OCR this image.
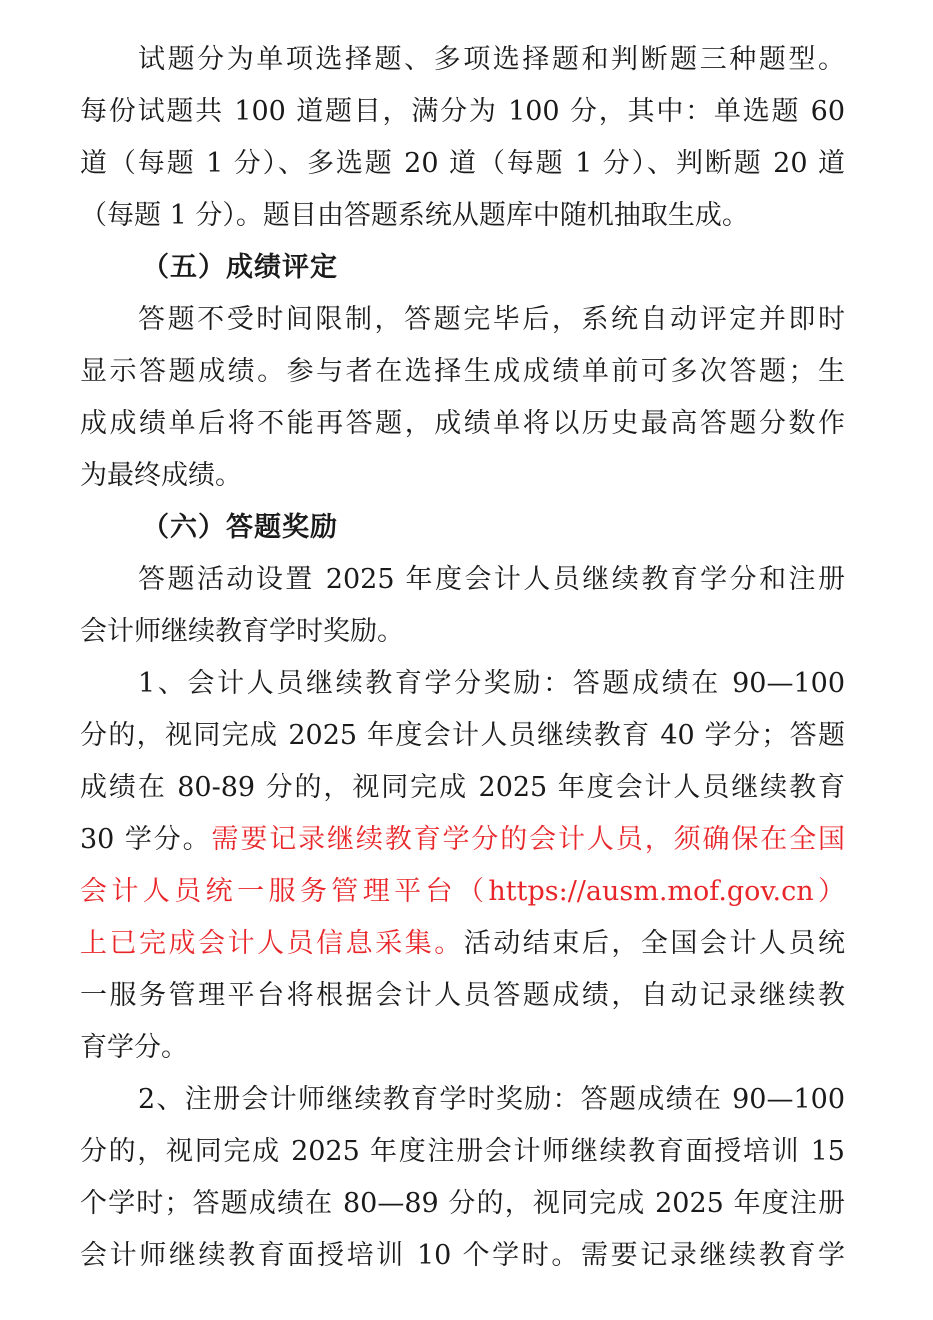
试题分为单项选择题、多项选择题和判断题三种题型。
每份试题共 100 道题目，满分为 100 分，其中：单选题 60
道（每题 1 分）、多选题 20 道（每题 1 分）、判断题 20 道
（每题 1 分）。题目由答题系统从题库中随机抽取生成。
（五）成绩评定
答题不受时间限制，答题完毕后，系统自动评定并即时
显示答题成绩。参与者在选择生成成绩单前可多次答题；生
成成绩单后将不能再答题，成绩单将以历史最高答题分数作
为最终成绩。
（六）答题奖励
答题活动设置 2025 年度会计人员继续教育学分和注册
会计师继续教育学时奖励。
1、会计人员继续教育学分奖励：答题成绩在 90—100
分的，视同完成 2025 年度会计人员继续教育 40 学分；答题
成绩在 80-89 分的，视同完成 2025 年度会计人员继续教育
30 学分。需要记录继续教育学分的会计人员，须确保在全国
会计人员统一服务管理平台（https://ausm.mof.gov.cn）
上已完成会计人员信息采集。活动结束后，全国会计人员统
一服务管理平台将根据会计人员答题成绩，自动记录继续教
育学分。
2、注册会计师继续教育学时奖励：答题成绩在 90—100
分的，视同完成 2025 年度注册会计师继续教育面授培训 15
个学时；答题成绩在 80—89 分的，视同完成 2025 年度注册
会计师继续教育面授培训 10 个学时。需要记录继续教育学
